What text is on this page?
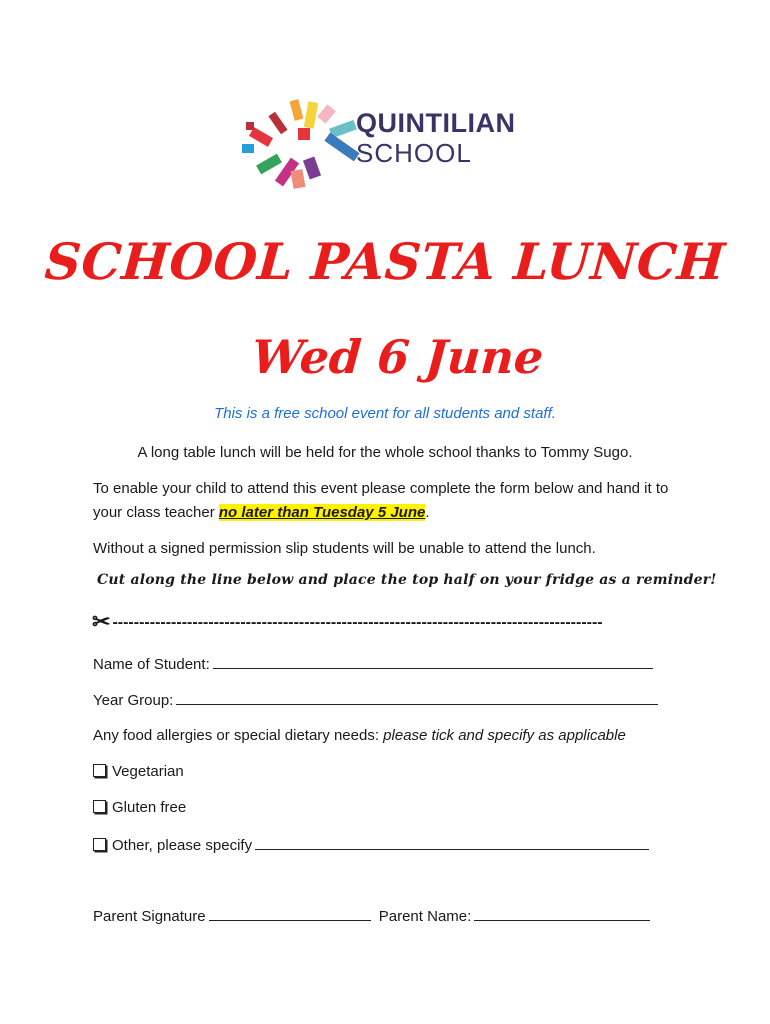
QUINTILIAN
SCHOOL
SCHOOL PASTA LUNCH
Wed 6 June
This is a free school event for all students and staff.
A long table lunch will be held for the whole school thanks to Tommy Sugo.
To enable your child to attend this event please complete the form below and hand it to your class teacher no later than Tuesday 5 June.
Without a signed permission slip students will be unable to attend the lunch.
Cut along the line below and place the top half on your fridge as a reminder!
✂ --------------------------------------------------------------------------------------------
Name of Student:
Year Group:
Any food allergies or special dietary needs: please tick and specify as applicable
Vegetarian
Gluten free
Other, please specify
Parent Signature	Parent Name:
